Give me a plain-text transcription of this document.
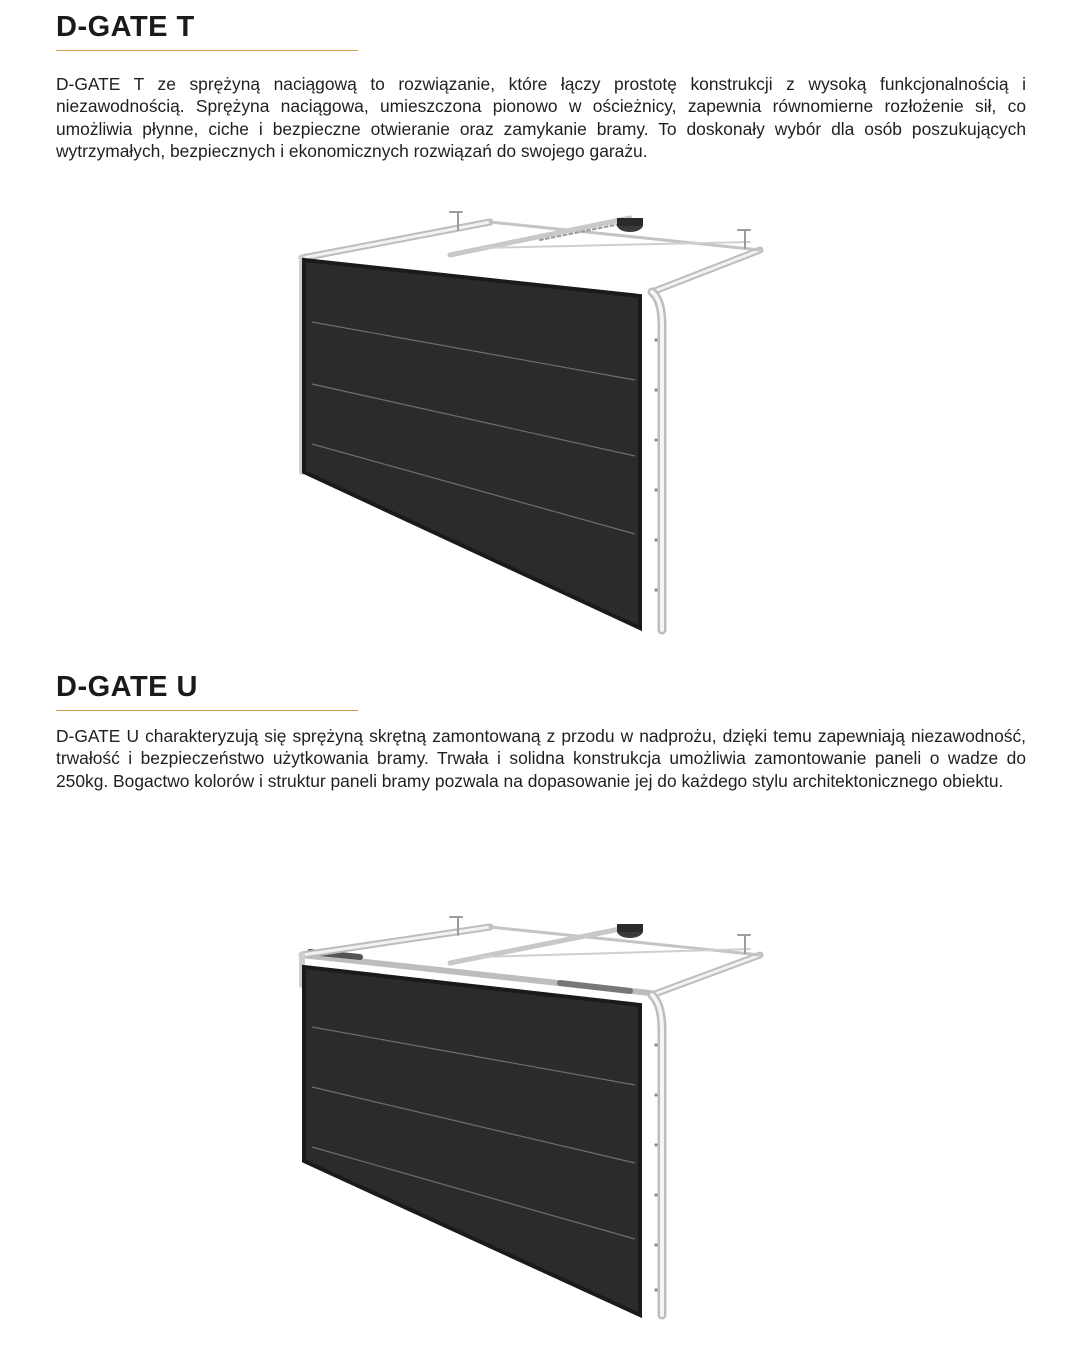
D-GATE T

D-GATE T ze sprężyną naciągową to rozwiązanie, które łączy prostotę konstrukcji z wysoką funkcjonalnością i niezawodnością. Sprężyna naciągowa, umieszczona pionowo w ościeżnicy, zapewnia równomierne rozłożenie sił, co umożliwia płynne, ciche i bezpieczne otwieranie oraz zamykanie bramy. To doskonały wybór dla osób poszukujących wytrzymałych, bezpiecznych i ekonomicznych rozwiązań do swojego garażu.

D-GATE U

D-GATE U charakteryzują się sprężyną skrętną zamontowaną z przodu w nadprożu, dzięki temu zapewniają niezawodność, trwałość i bezpieczeństwo użytkowania bramy. Trwała i solidna konstrukcja umożliwia zamontowanie paneli o wadze do 250kg. Bogactwo kolorów i struktur paneli bramy pozwala na dopasowanie jej do każdego stylu architektonicznego obiektu.
